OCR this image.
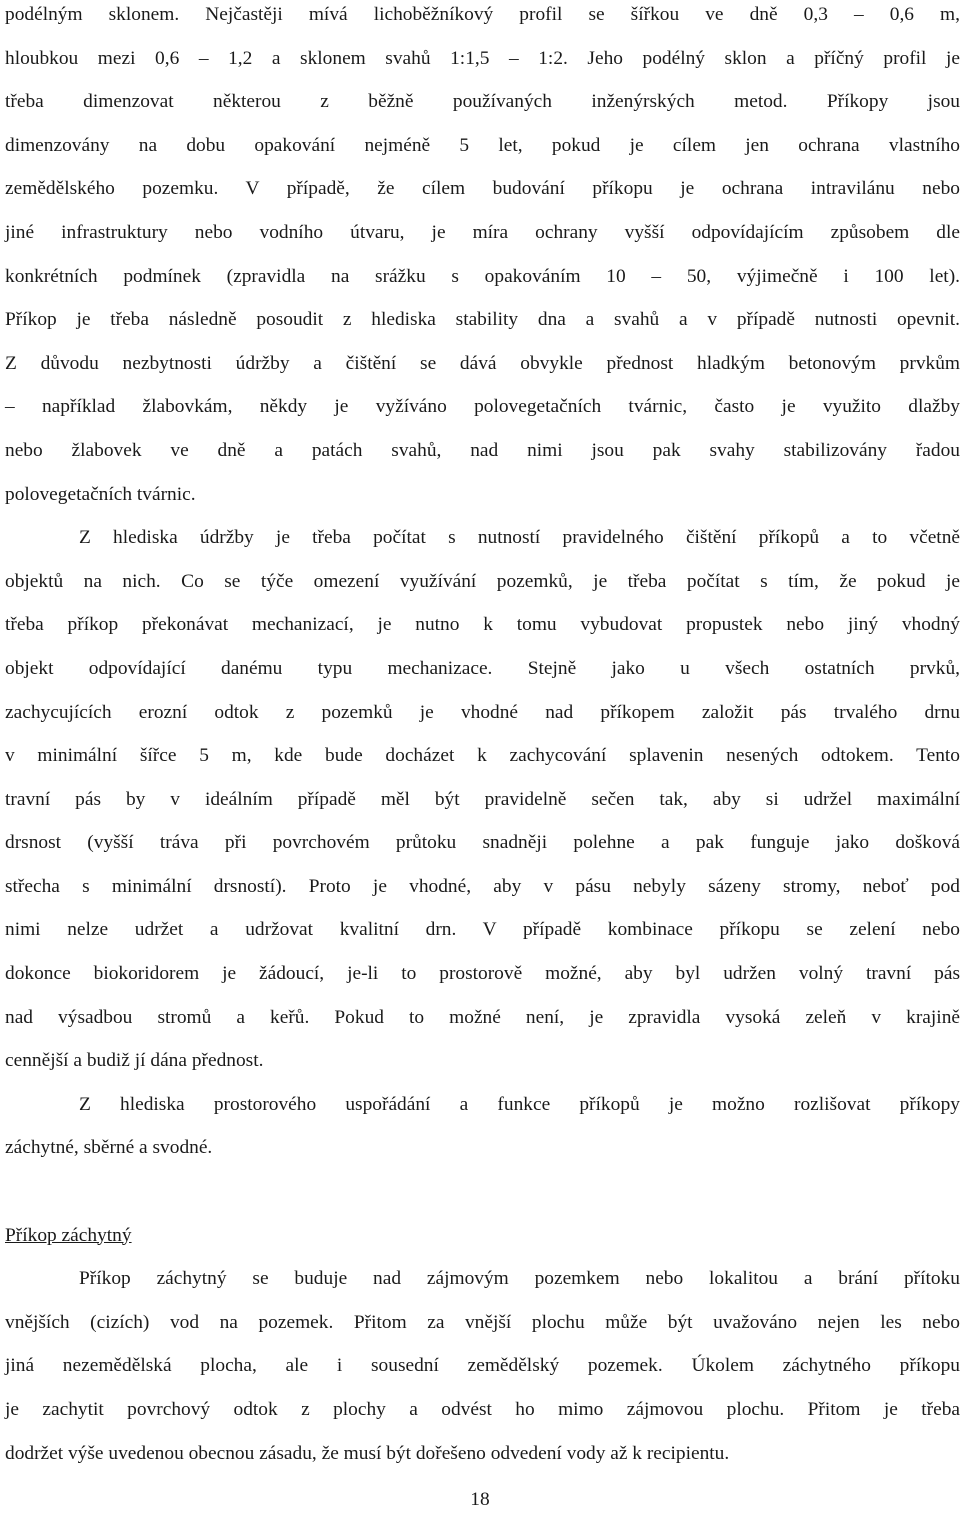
podélným sklonem. Nejčastěji mívá lichoběžníkový profil se šířkou ve dně 0,3 – 0,6 m,
hloubkou mezi 0,6 – 1,2 a sklonem svahů 1:1,5 – 1:2. Jeho podélný sklon a příčný profil je
třeba dimenzovat některou z běžně používaných inženýrských metod. Příkopy jsou
dimenzovány na dobu opakování nejméně 5 let, pokud je cílem jen ochrana vlastního
zemědělského pozemku. V případě, že cílem budování příkopu je ochrana intravilánu nebo
jiné infrastruktury nebo vodního útvaru, je míra ochrany vyšší odpovídajícím způsobem dle
konkrétních podmínek (zpravidla na srážku s opakováním 10 – 50, výjimečně i 100 let).
Příkop je třeba následně posoudit z hlediska stability dna a svahů a v případě nutnosti opevnit.
Z důvodu nezbytnosti údržby a čištění se dává obvykle přednost hladkým betonovým prvkům
– například žlabovkám, někdy je vyžíváno polovegetačních tvárnic, často je využito dlažby
nebo žlabovek ve dně a patách svahů, nad nimi jsou pak svahy stabilizovány řadou
polovegetačních tvárnic.
Z hlediska údržby je třeba počítat s nutností pravidelného čištění příkopů a to včetně
objektů na nich. Co se týče omezení využívání pozemků, je třeba počítat s tím, že pokud je
třeba příkop překonávat mechanizací, je nutno k tomu vybudovat propustek nebo jiný vhodný
objekt odpovídající danému typu mechanizace. Stejně jako u všech ostatních prvků,
zachycujících erozní odtok z pozemků je vhodné nad příkopem založit pás trvalého drnu
v minimální šířce 5 m, kde bude docházet k zachycování splavenin nesených odtokem. Tento
travní pás by v ideálním případě měl být pravidelně sečen tak, aby si udržel maximální
drsnost (vyšší tráva při povrchovém průtoku snadněji polehne a pak funguje jako došková
střecha s minimální drsností). Proto je vhodné, aby v pásu nebyly sázeny stromy, neboť pod
nimi nelze udržet a udržovat kvalitní drn. V případě kombinace příkopu se zelení nebo
dokonce biokoridorem je žádoucí, je-li to prostorově možné, aby byl udržen volný travní pás
nad výsadbou stromů a keřů. Pokud to možné není, je zpravidla vysoká zeleň v krajině
cennější a budiž jí dána přednost.
Z hlediska prostorového uspořádání a funkce příkopů je možno rozlišovat příkopy
záchytné, sběrné a svodné.
Příkop záchytný
Příkop záchytný se buduje nad zájmovým pozemkem nebo lokalitou a brání přítoku
vnějších (cizích) vod na pozemek. Přitom za vnější plochu může být uvažováno nejen les nebo
jiná nezemědělská plocha, ale i sousední zemědělský pozemek. Úkolem záchytného příkopu
je zachytit povrchový odtok z plochy a odvést ho mimo zájmovou plochu. Přitom je třeba
dodržet výše uvedenou obecnou zásadu, že musí být dořešeno odvedení vody až k recipientu.
18
